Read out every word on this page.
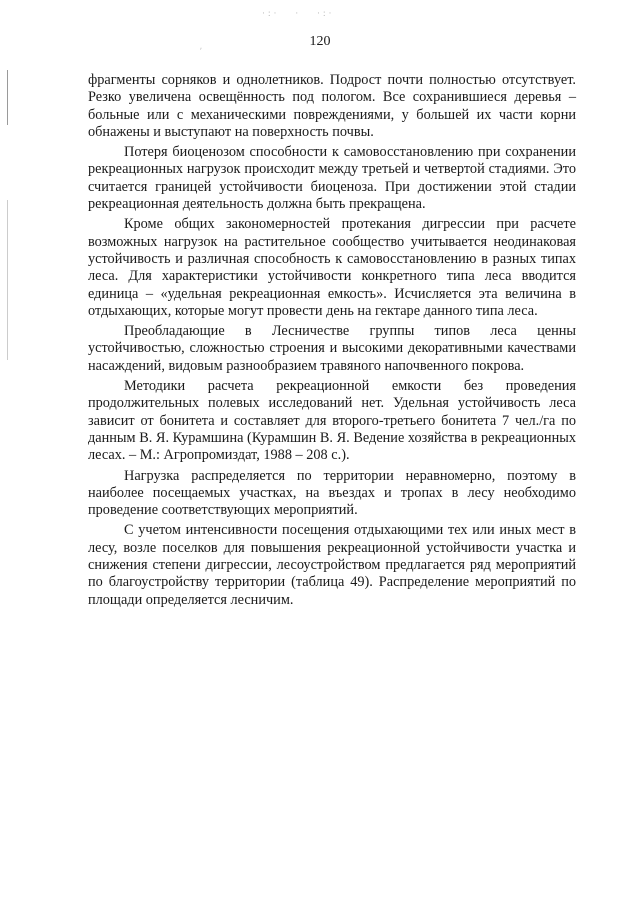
·:·   ·   ·:·
ʹ
120

фрагменты сорняков и однолетников. Подрост почти полностью отсутствует. Резко увеличена освещённость под пологом. Все сохранившиеся деревья – больные или с механическими повреждениями, у большей их части корни обнажены и выступают на поверхность почвы.

Потеря биоценозом способности к самовосстановлению при сохранении рекреационных нагрузок происходит между третьей и четвертой стадиями. Это считается границей устойчивости биоценоза. При достижении этой стадии рекреационная деятельность должна быть прекращена.

Кроме общих закономерностей протекания дигрессии при расчете возможных нагрузок на растительное сообщество учитывается неодинаковая устойчивость и различная способность к самовосстановлению в разных типах леса. Для характеристики устойчивости конкретного типа леса вводится единица – «удельная рекреационная емкость». Исчисляется эта величина в отдыхающих, которые могут провести день на гектаре данного типа леса.

Преобладающие в Лесничестве группы типов леса ценны устойчивостью, сложностью строения и высокими декоративными качествами насаждений, видовым разнообразием травяного напочвенного покрова.

Методики расчета рекреационной емкости без проведения продолжительных полевых исследований нет. Удельная устойчивость леса зависит от бонитета и составляет для второго-третьего бонитета 7 чел./га по данным В. Я. Курамшина (Курамшин В. Я. Ведение хозяйства в рекреационных лесах. – М.: Агропромиздат, 1988 – 208 с.).

Нагрузка распределяется по территории неравномерно, поэтому в наиболее посещаемых участках, на въездах и тропах в лесу необходимо проведение соответствующих мероприятий.

С учетом интенсивности посещения отдыхающими тех или иных мест в лесу, возле поселков для повышения рекреационной устойчивости участка и снижения степени дигрессии, лесоустройством предлагается ряд мероприятий по благоустройству территории (таблица 49). Распределение мероприятий по площади определяется лесничим.
